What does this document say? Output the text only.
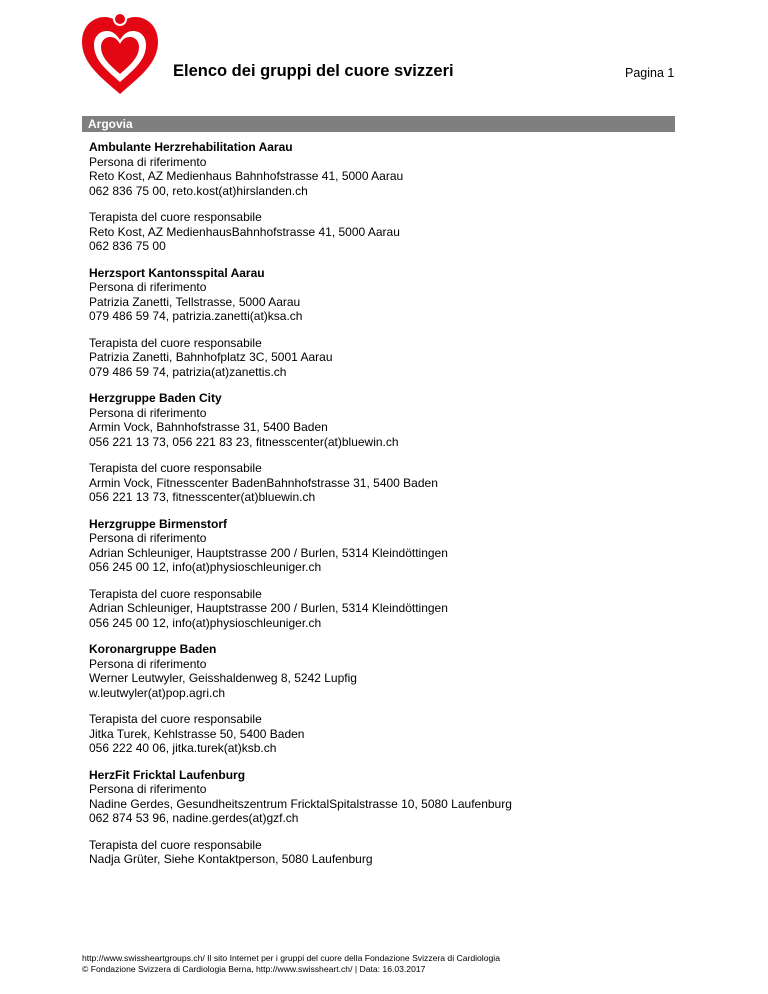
Elenco dei gruppi del cuore svizzeri	Pagina 1
Argovia
Ambulante Herzrehabilitation Aarau
Persona di riferimento
Reto Kost, AZ Medienhaus Bahnhofstrasse 41, 5000 Aarau
062 836 75 00, reto.kost(at)hirslanden.ch
Terapista del cuore responsabile
Reto Kost, AZ MedienhausBahnhofstrasse 41, 5000 Aarau
062 836 75 00
Herzsport Kantonsspital Aarau
Persona di riferimento
Patrizia Zanetti, Tellstrasse, 5000 Aarau
079 486 59 74, patrizia.zanetti(at)ksa.ch
Terapista del cuore responsabile
Patrizia Zanetti, Bahnhofplatz 3C, 5001 Aarau
079 486 59 74, patrizia(at)zanettis.ch
Herzgruppe Baden City
Persona di riferimento
Armin Vock, Bahnhofstrasse 31, 5400 Baden
056 221 13 73, 056 221 83 23, fitnesscenter(at)bluewin.ch
Terapista del cuore responsabile
Armin Vock, Fitnesscenter BadenBahnhofstrasse 31, 5400 Baden
056 221 13 73, fitnesscenter(at)bluewin.ch
Herzgruppe Birmenstorf
Persona di riferimento
Adrian Schleuniger, Hauptstrasse 200 / Burlen, 5314 Kleindöttingen
056 245 00 12, info(at)physioschleuniger.ch
Terapista del cuore responsabile
Adrian Schleuniger, Hauptstrasse 200 / Burlen, 5314 Kleindöttingen
056 245 00 12, info(at)physioschleuniger.ch
Koronargruppe Baden
Persona di riferimento
Werner Leutwyler, Geisshaldenweg 8, 5242 Lupfig
w.leutwyler(at)pop.agri.ch
Terapista del cuore responsabile
Jitka Turek, Kehlstrasse 50, 5400 Baden
056 222 40 06, jitka.turek(at)ksb.ch
HerzFit Fricktal Laufenburg
Persona di riferimento
Nadine Gerdes, Gesundheitszentrum FricktalSpitalstrasse 10, 5080 Laufenburg
062 874 53 96, nadine.gerdes(at)gzf.ch
Terapista del cuore responsabile
Nadja Grüter, Siehe Kontaktperson, 5080 Laufenburg
http://www.swissheartgroups.ch/ Il sito Internet per i gruppi del cuore della Fondazione Svizzera di Cardiologia
© Fondazione Svizzera di Cardiologia Berna, http://www.swissheart.ch/ | Data: 16.03.2017
